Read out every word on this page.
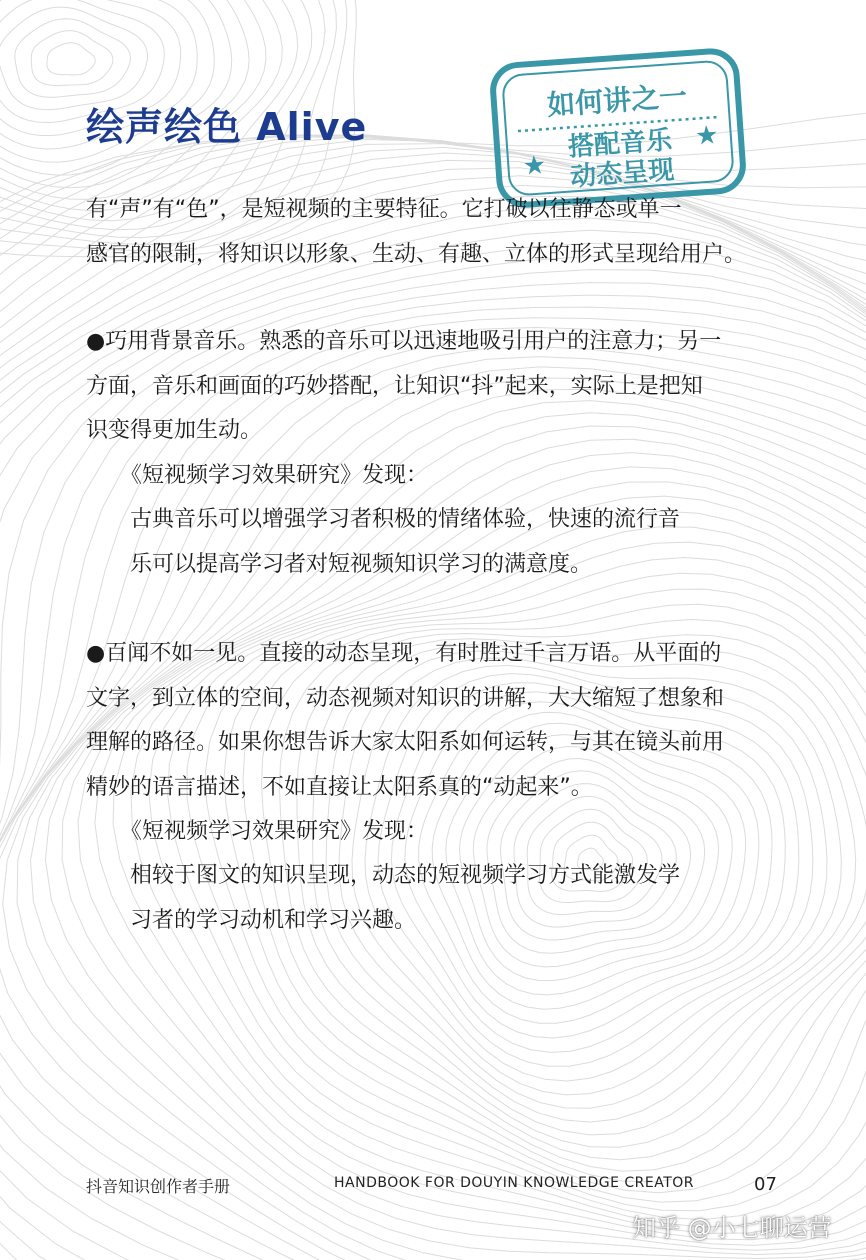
绘声绘色 Alive
如何讲之一
搭配音乐
动态呈现
★
★

有“声”有“色”，是短视频的主要特征。它打破以往静态或单一
感官的限制，将知识以形象、生动、有趣、立体的形式呈现给用户。

●巧用背景音乐。熟悉的音乐可以迅速地吸引用户的注意力；另一
方面，音乐和画面的巧妙搭配，让知识“抖”起来，实际上是把知
识变得更加生动。

《短视频学习效果研究》发现：

古典音乐可以增强学习者积极的情绪体验，快速的流行音
乐可以提高学习者对短视频知识学习的满意度。

●百闻不如一见。直接的动态呈现，有时胜过千言万语。从平面的
文字，到立体的空间，动态视频对知识的讲解，大大缩短了想象和
理解的路径。如果你想告诉大家太阳系如何运转，与其在镜头前用
精妙的语言描述，不如直接让太阳系真的“动起来”。

《短视频学习效果研究》发现：

相较于图文的知识呈现，动态的短视频学习方式能激发学
习者的学习动机和学习兴趣。

抖音知识创作者手册	HANDBOOK FOR DOUYIN KNOWLEDGE CREATOR	07
知乎 @小七聊运营
